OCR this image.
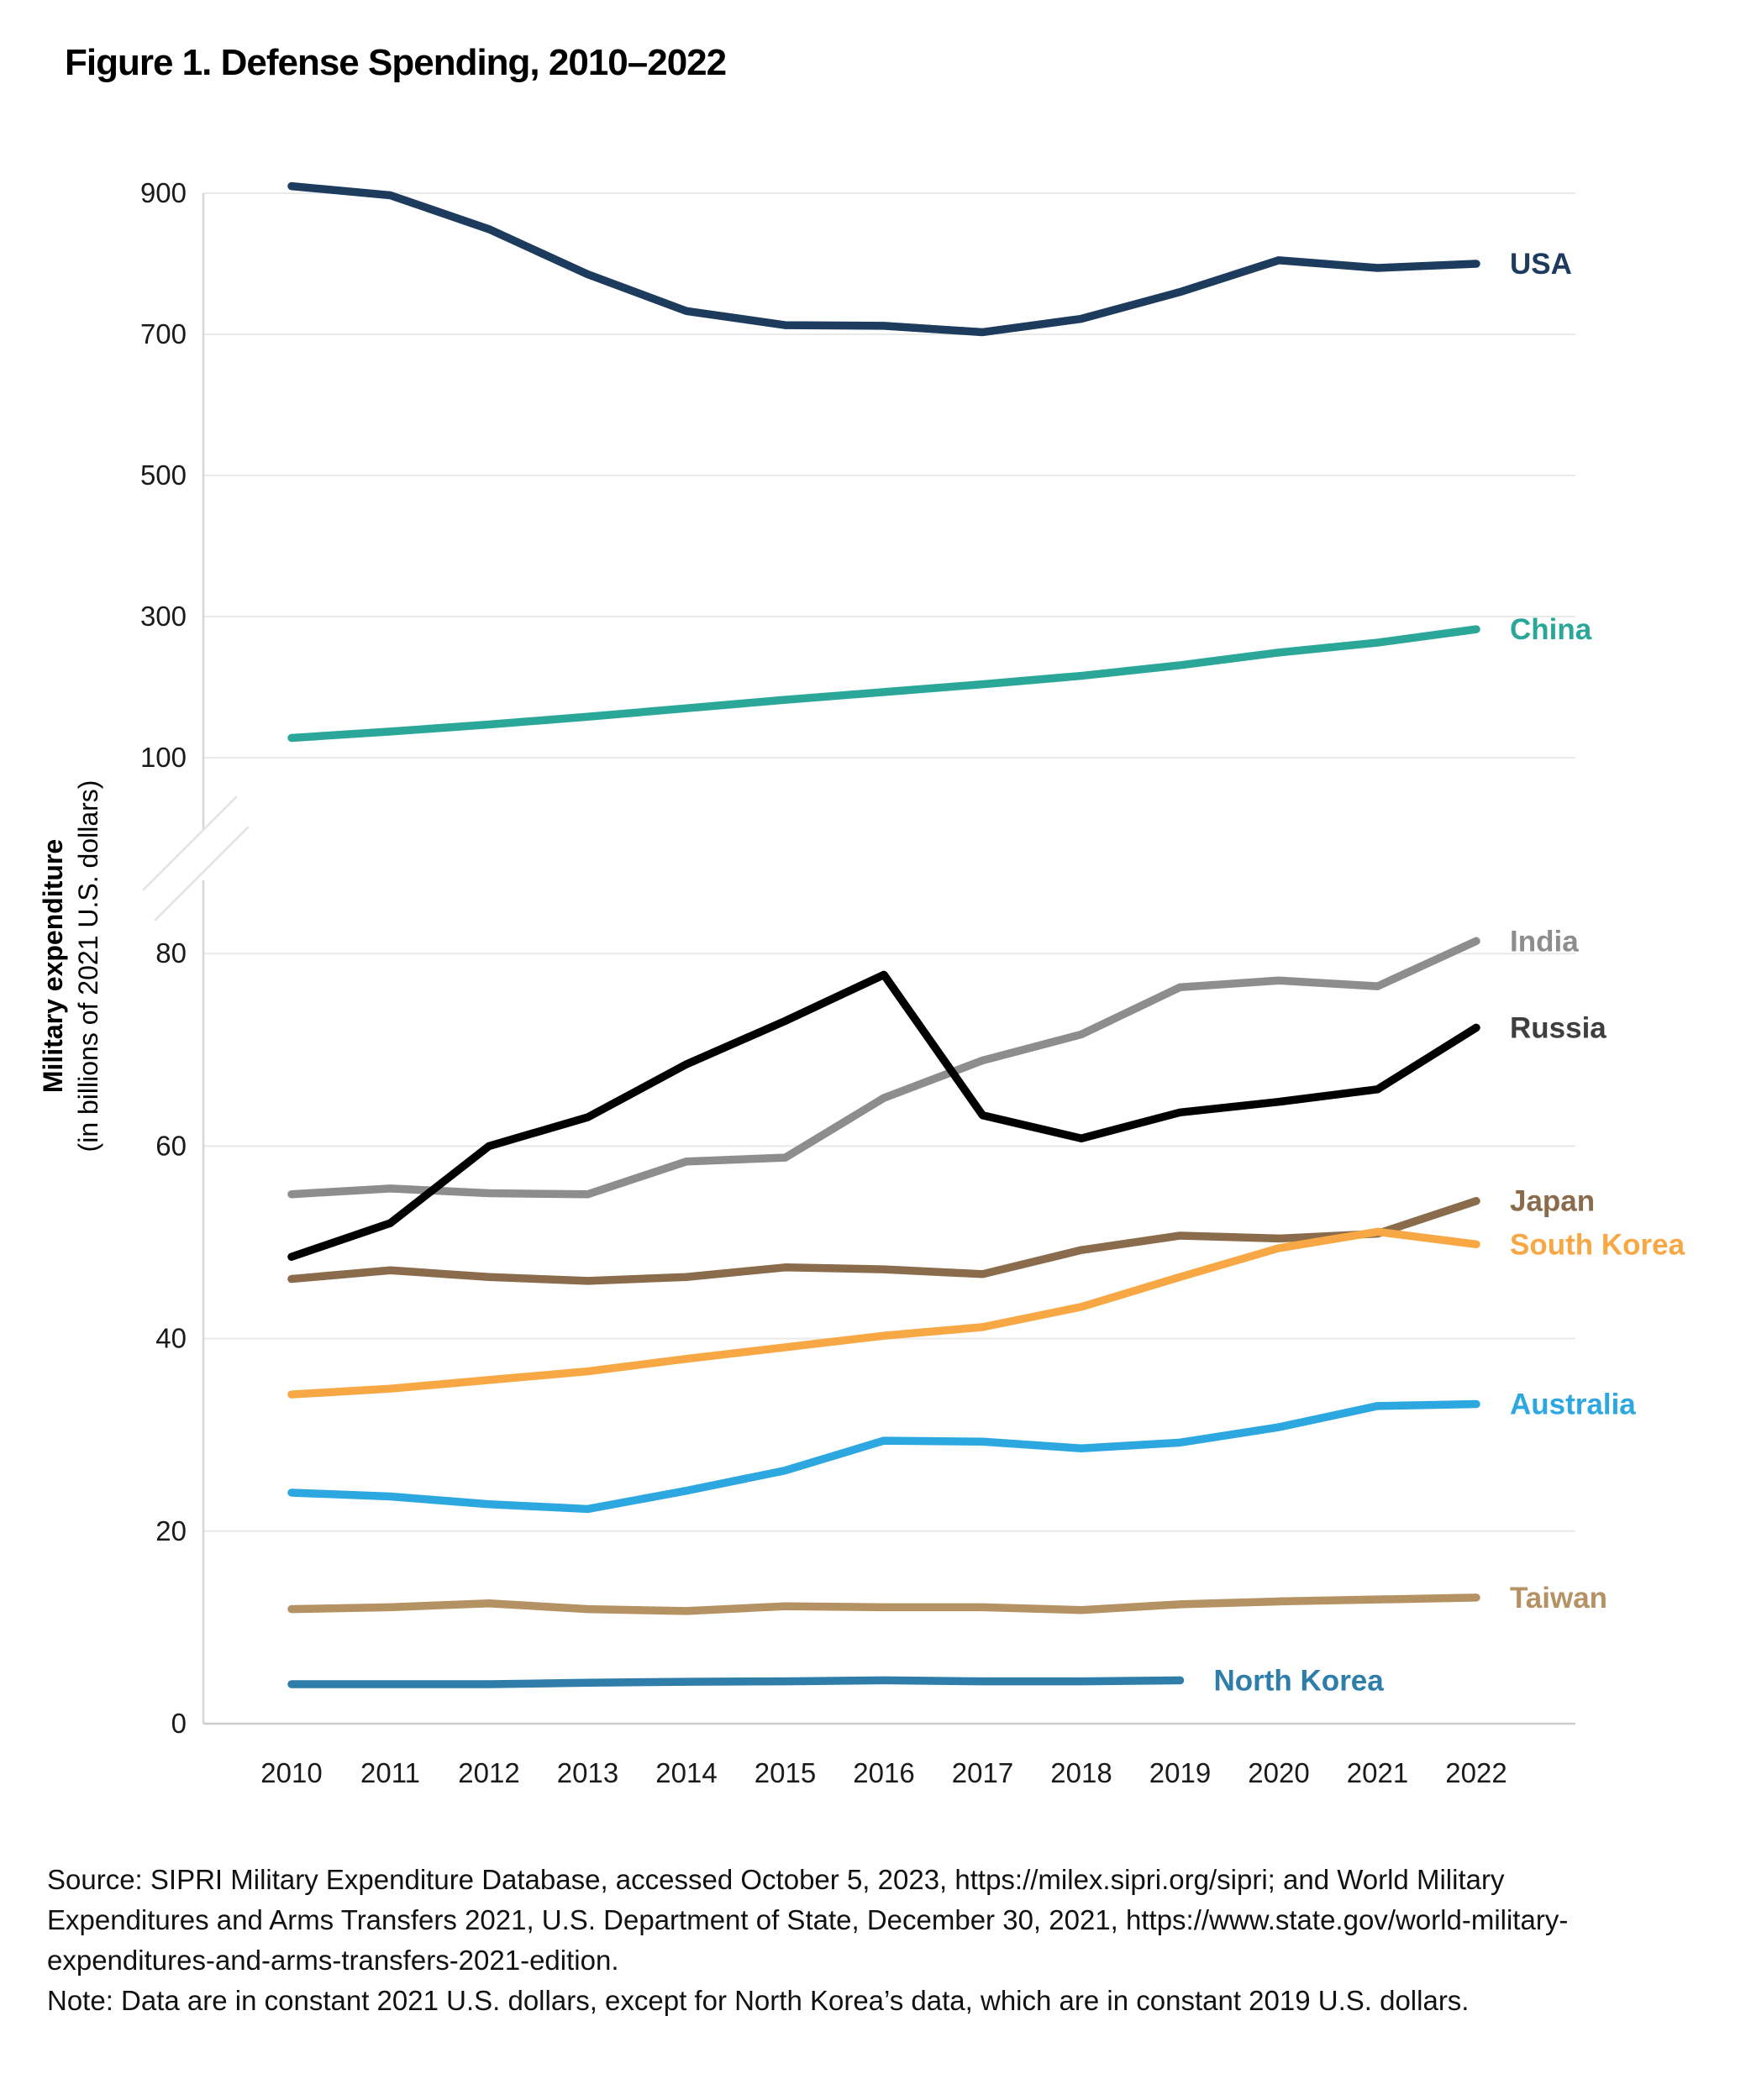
Figure 1. Defense Spending, 2010–2022
900
700
500
300
100
80
60
40
20
0
2010 2011 2012 2013 2014 2015 2016 2017 2018 2019 2020 2021 2022
USA
China
India
Russia
Japan
South Korea
Australia
Taiwan
North Korea
Military expenditure (in billions of 2021 U.S. dollars)
Source: SIPRI Military Expenditure Database, accessed October 5, 2023, https://milex.sipri.org/sipri; and World Military
Expenditures and Arms Transfers 2021, U.S. Department of State, December 30, 2021, https://www.state.gov/world-military-
expenditures-and-arms-transfers-2021-edition.
Note: Data are in constant 2021 U.S. dollars, except for North Korea’s data, which are in constant 2019 U.S. dollars.
